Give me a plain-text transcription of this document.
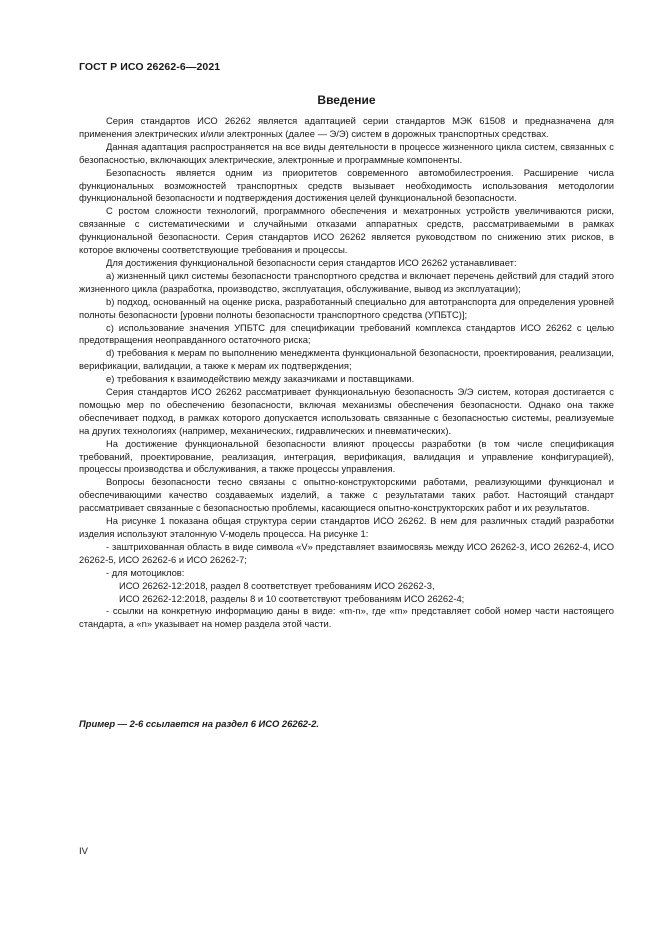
ГОСТ Р ИСО 26262-6—2021
Введение

Серия стандартов ИСО 26262 является адаптацией серии стандартов МЭК 61508 и предназначена для применения электрических и/или электронных (далее — Э/Э) систем в дорожных транспортных средствах.

Данная адаптация распространяется на все виды деятельности в процессе жизненного цикла систем, связанных с безопасностью, включающих электрические, электронные и программные компоненты.

Безопасность является одним из приоритетов современного автомобилестроения. Расширение числа функциональных возможностей транспортных средств вызывает необходимость использования методологии функциональной безопасности и подтверждения достижения целей функциональной безопасности.

С ростом сложности технологий, программного обеспечения и мехатронных устройств увеличиваются риски, связанные с систематическими и случайными отказами аппаратных средств, рассматриваемыми в рамках функциональной безопасности. Серия стандартов ИСО 26262 является руководством по снижению этих рисков, в которое включены соответствующие требования и процессы.

Для достижения функциональной безопасности серия стандартов ИСО 26262 устанавливает:

a) жизненный цикл системы безопасности транспортного средства и включает перечень действий для стадий этого жизненного цикла (разработка, производство, эксплуатация, обслуживание, вывод из эксплуатации);

b) подход, основанный на оценке риска, разработанный специально для автотранспорта для определения уровней полноты безопасности [уровни полноты безопасности транспортного средства (УПБТС)];

c) использование значения УПБТС для спецификации требований комплекса стандартов ИСО 26262 с целью предотвращения неоправданного остаточного риска;

d) требования к мерам по выполнению менеджмента функциональной безопасности, проектирования, реализации, верификации, валидации, а также к мерам их подтверждения;

e) требования к взаимодействию между заказчиками и поставщиками.

Серия стандартов ИСО 26262 рассматривает функциональную безопасность Э/Э систем, которая достигается с помощью мер по обеспечению безопасности, включая механизмы обеспечения безопасности. Однако она также обеспечивает подход, в рамках которого допускается использовать связанные с безопасностью системы, реализуемые на других технологиях (например, механических, гидравлических и пневматических).

На достижение функциональной безопасности влияют процессы разработки (в том числе спецификация требований, проектирование, реализация, интеграция, верификация, валидация и управление конфигурацией), процессы производства и обслуживания, а также процессы управления.

Вопросы безопасности тесно связаны с опытно-конструкторскими работами, реализующими функционал и обеспечивающими качество создаваемых изделий, а также с результатами таких работ. Настоящий стандарт рассматривает связанные с безопасностью проблемы, касающиеся опытно-конструкторских работ и их результатов.

На рисунке 1 показана общая структура серии стандартов ИСО 26262. В нем для различных стадий разработки изделия используют эталонную V-модель процесса. На рисунке 1:

- заштрихованная область в виде символа «V» представляет взаимосвязь между ИСО 26262-3, ИСО 26262-4, ИСО 26262-5, ИСО 26262-6 и ИСО 26262-7;

- для мотоциклов:

ИСО 26262-12:2018, раздел 8 соответствует требованиям ИСО 26262-3,

ИСО 26262-12:2018, разделы 8 и 10 соответствуют требованиям ИСО 26262-4;

- ссылки на конкретную информацию даны в виде: «m-n», где «m» представляет собой номер части настоящего стандарта, а «n» указывает на номер раздела этой части.

Пример — 2-6 ссылается на раздел 6 ИСО 26262-2.
IV
